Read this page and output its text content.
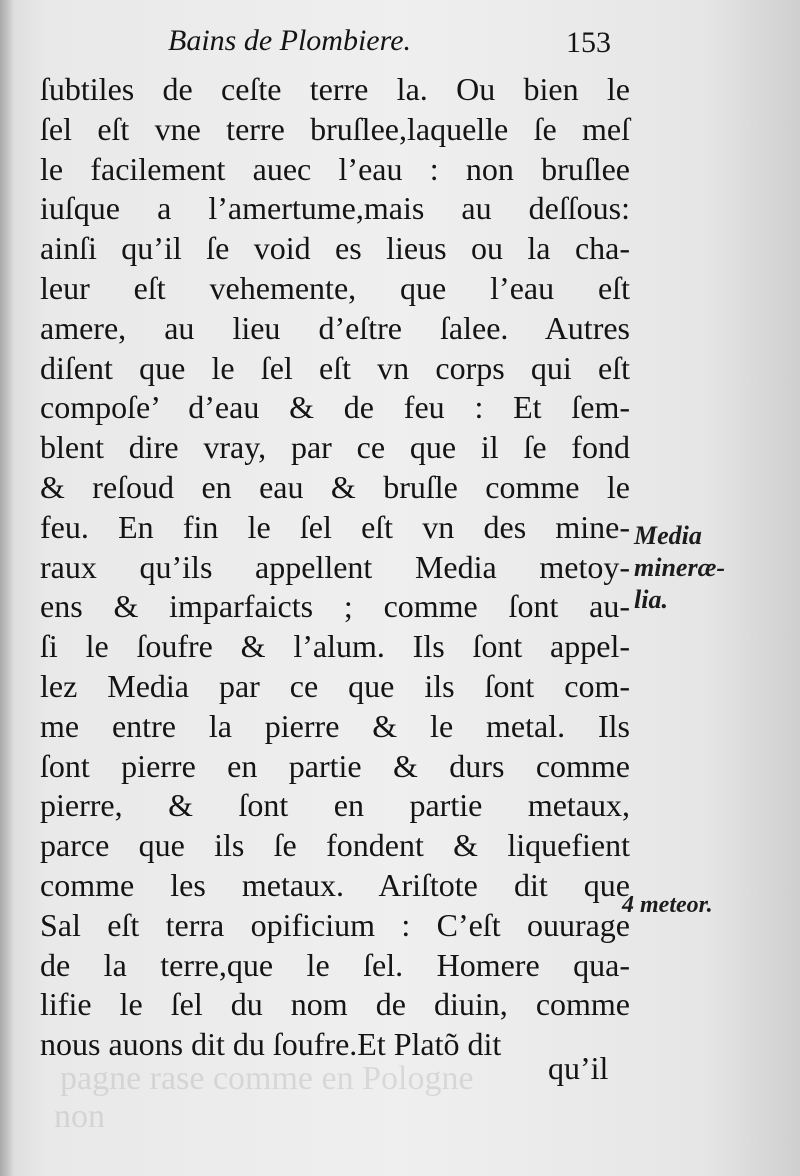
pagne rase comme en Pologne
non
Bains de Plombiere.	153
ſubtiles de ceſte terre la. Ou bien le
ſel eſt vne terre bruſlee,laquelle ſe meſ
le facilement auec l’eau : non bruſlee
iuſque a l’amertume,mais au deſſous:
ainſi qu’il ſe void es lieus ou la cha-
leur eſt vehemente, que l’eau eſt
amere, au lieu d’eſtre ſalee. Autres
diſent que le ſel eſt vn corps qui eſt
compoſe’ d’eau & de feu : Et ſem-
blent dire vray, par ce que il ſe fond
& reſoud en eau & bruſle comme le
feu. En fin le ſel eſt vn des mine-
raux qu’ils appellent Media metoy-
ens & imparfaicts ; comme ſont au-
ſi le ſoufre & l’alum. Ils ſont appel-
lez Media par ce que ils ſont com-
me entre la pierre & le metal. Ils
ſont pierre en partie & durs comme
pierre, & ſont en partie metaux,
parce que ils ſe fondent & liquefient
comme les metaux. Ariſtote dit que
Sal eſt terra opificium : C’eſt ouurage
de la terre,que le ſel. Homere qua-
lifie le ſel du nom de diuin, comme
nous auons dit du ſoufre.Et Platõ dit
qu’il
Media
mineræ-
lia.
4 meteor.
